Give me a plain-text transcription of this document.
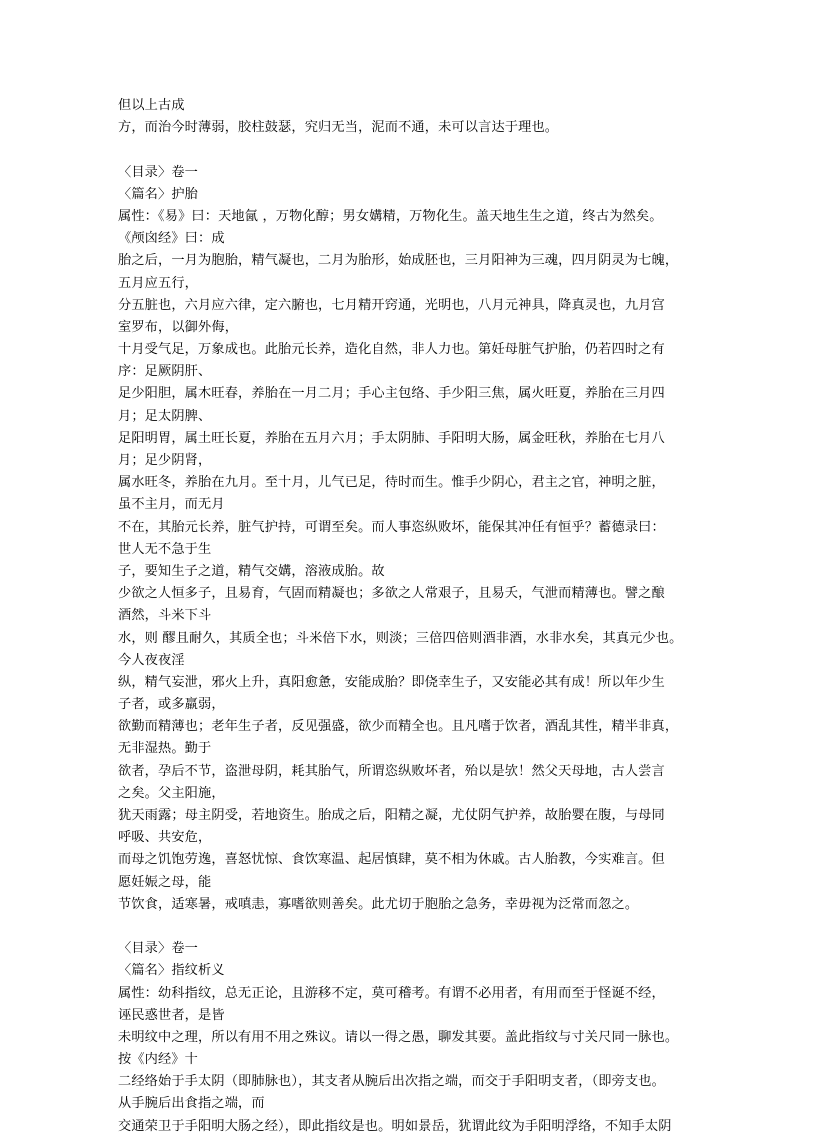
但以上古成
方，而治今时薄弱，胶柱鼓瑟，究归无当，泥而不通，未可以言达于理也。
〈目录〉卷一
〈篇名〉护胎
属性：《易》曰：天地氤 ，万物化醇；男女媾精，万物化生。盖天地生生之道，终古为然矣。
《颅囟经》曰：成
胎之后，一月为胞胎，精气凝也，二月为胎形，始成胚也，三月阳神为三魂，四月阴灵为七魄，
五月应五行，
分五脏也，六月应六律，定六腑也，七月精开窍通，光明也，八月元神具，降真灵也，九月宫
室罗布，以御外侮，
十月受气足，万象成也。此胎元长养，造化自然，非人力也。第妊母脏气护胎，仍若四时之有
序：足厥阴肝、
足少阳胆，属木旺春，养胎在一月二月；手心主包络、手少阳三焦，属火旺夏，养胎在三月四
月；足太阴脾、
足阳明胃，属土旺长夏，养胎在五月六月；手太阴肺、手阳明大肠，属金旺秋，养胎在七月八
月；足少阴肾，
属水旺冬，养胎在九月。至十月，儿气已足，待时而生。惟手少阴心，君主之官，神明之脏，
虽不主月，而无月
不在，其胎元长养，脏气护持，可谓至矣。而人事恣纵败坏，能保其冲任有恒乎？蓄德录曰：
世人无不急于生
子，要知生子之道，精气交媾，溶液成胎。故
少欲之人恒多子，且易育，气固而精凝也；多欲之人常艰子，且易夭，气泄而精薄也。譬之酿
酒然，斗米下斗
水，则 醪且耐久，其质全也；斗米倍下水，则淡；三倍四倍则酒非酒，水非水矣，其真元少也。
今人夜夜淫
纵，精气妄泄，邪火上升，真阳愈惫，安能成胎？即侥幸生子，又安能必其有成！所以年少生
子者，或多羸弱，
欲勤而精薄也；老年生子者，反见强盛，欲少而精全也。且凡嗜于饮者，酒乱其性，精半非真，
无非湿热。勤于
欲者，孕后不节，盗泄母阴，耗其胎气，所谓恣纵败坏者，殆以是欤！然父天母地，古人尝言
之矣。父主阳施，
犹天雨露；母主阴受，若地资生。胎成之后，阳精之凝，尤仗阴气护养，故胎婴在腹，与母同
呼吸、共安危，
而母之饥饱劳逸，喜怒忧惊、食饮寒温、起居慎肆，莫不相为休戚。古人胎教，今实难言。但
愿妊娠之母，能
节饮食，适寒暑，戒嗔恚，寡嗜欲则善矣。此尤切于胞胎之急务，幸毋视为泛常而忽之。
〈目录〉卷一
〈篇名〉指纹析义
属性：幼科指纹，总无正论，且游移不定，莫可稽考。有谓不必用者，有用而至于怪诞不经，
诬民惑世者，是皆
未明纹中之理，所以有用不用之殊议。请以一得之愚，聊发其要。盖此指纹与寸关尺同一脉也。
按《内经》十
二经络始于手太阴（即肺脉也），其支者从腕后出次指之端，而交于手阳明支者，（即旁支也。
从手腕后出食指之端，而
交通荣卫于手阳明大肠之经），即此指纹是也。明如景岳，犹谓此纹为手阳明浮络，不知手太阴
